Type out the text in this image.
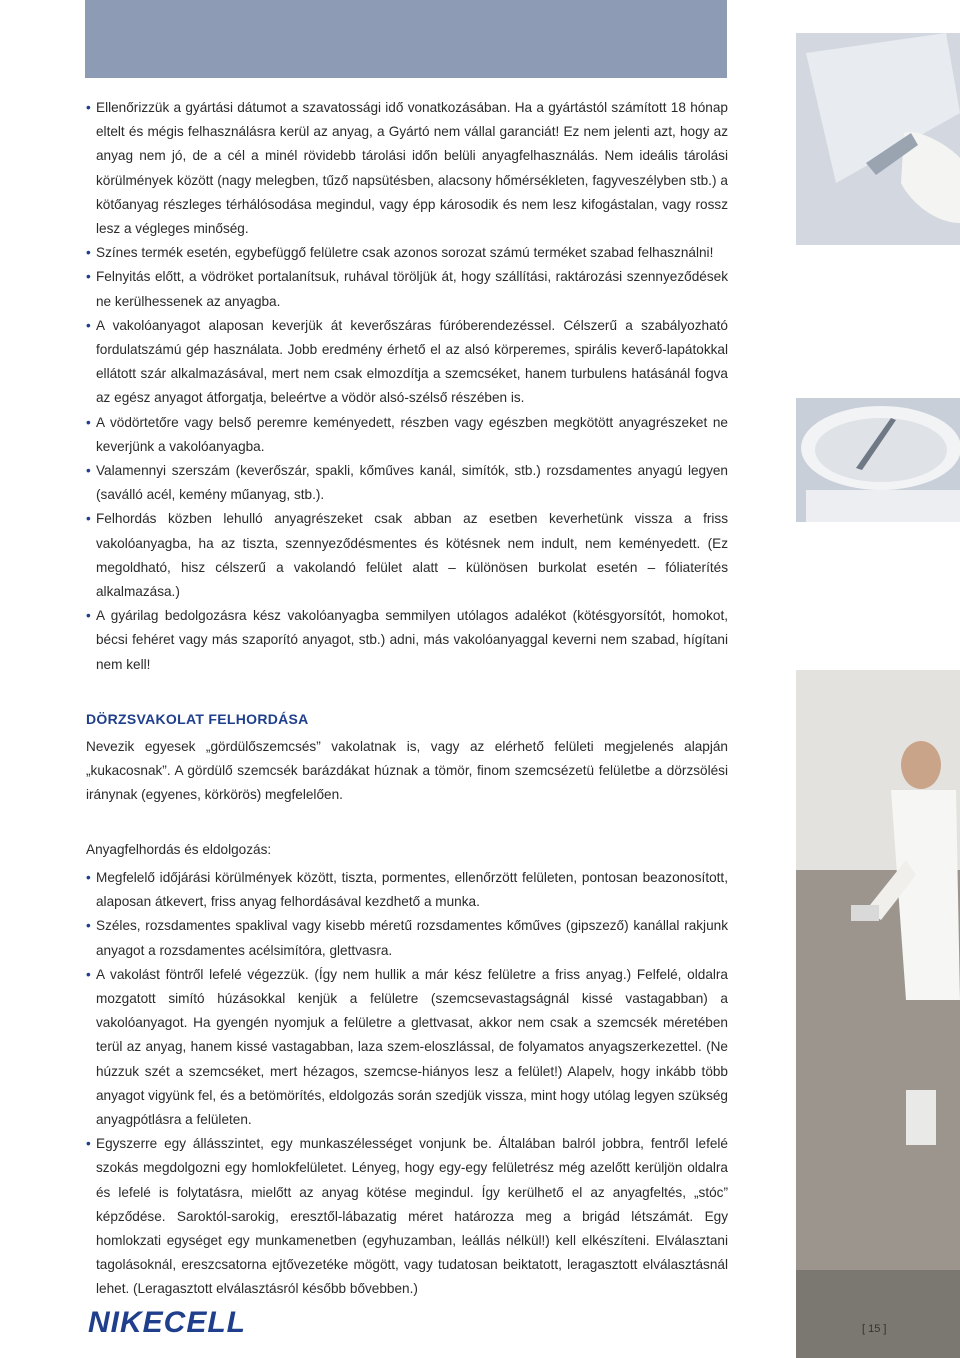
• Ellenőrizzük a gyártási dátumot a szavatossági idő vonatkozásában. Ha a gyártástól számított 18 hónap eltelt és mégis felhasználásra kerül az anyag, a Gyártó nem vállal garanciát! Ez nem jelenti azt, hogy az anyag nem jó, de a cél a minél rövidebb tárolási időn belüli anyagfelhasználás. Nem ideális tárolási körülmények között (nagy melegben, tűző napsütésben, alacsony hőmérsékleten, fagyveszélyben stb.) a kötőanyag részleges térhálósodása megindul, vagy épp károsodik és nem lesz kifogástalan, vagy rossz lesz a végleges minőség.
• Színes termék esetén, egybefüggő felületre csak azonos sorozat számú terméket szabad felhasználni!
• Felnyitás előtt, a vödröket portalanítsuk, ruhával töröljük át, hogy szállítási, raktározási szennyeződések ne kerülhessenek az anyagba.
• A vakolóanyagot alaposan keverjük át keverőszáras fúróberendezéssel. Célszerű a szabályozható fordulatszámú gép használata. Jobb eredmény érhető el az alsó körperemes, spirális keverő-lapátokkal ellátott szár alkalmazásával, mert nem csak elmozdítja a szemcséket, hanem turbulens hatásánál fogva az egész anyagot átforgatja, beleértve a vödör alsó-szélső részében is.
• A vödörtetőre vagy belső peremre keményedett, részben vagy egészben megkötött anyagrészeket ne keverjünk a vakolóanyagba.
• Valamennyi szerszám (keverőszár, spakli, kőműves kanál, simítók, stb.) rozsdamentes anyagú legyen (saválló acél, kemény műanyag, stb.).
• Felhordás közben lehulló anyagrészeket csak abban az esetben keverhetünk vissza a friss vakolóanyagba, ha az tiszta, szennyeződésmentes és kötésnek nem indult, nem keményedett. (Ez megoldható, hisz célszerű a vakolandó felület alatt – különösen burkolat esetén – fóliaterítés alkalmazása.)
• A gyárilag bedolgozásra kész vakolóanyagba semmilyen utólagos adalékot (kötésgyorsítót, homokot, bécsi fehéret vagy más szaporító anyagot, stb.) adni, más vakolóanyaggal keverni nem szabad, hígítani nem kell!
DÖRZSVAKOLAT FELHORDÁSA

Nevezik egyesek „gördülőszemcsés” vakolatnak is, vagy az elérhető felületi megjelenés alapján „kukacosnak”. A gördülő szemcsék barázdákat húznak a tömör, finom szemcsézetü felületbe a dörzsölési iránynak (egyenes, körkörös) megfelelően.

Anyagfelhordás és eldolgozás:

• Megfelelő időjárási körülmények között, tiszta, pormentes, ellenőrzött felületen, pontosan beazonosított, alaposan átkevert, friss anyag felhordásával kezdhető a munka.
• Széles, rozsdamentes spaklival vagy kisebb méretű rozsdamentes kőműves (gipszező) kanállal rakjunk anyagot a rozsdamentes acélsimítóra, glettvasra.
• A vakolást föntről lefelé végezzük. (Így nem hullik a már kész felületre a friss anyag.) Felfelé, oldalra mozgatott simító húzásokkal kenjük a felületre (szemcsevastagságnál kissé vastagabban) a vakolóanyagot. Ha gyengén nyomjuk a felületre a glettvasat, akkor nem csak a szemcsék méretében terül az anyag, hanem kissé vastagabban, laza szem-eloszlással, de folyamatos anyagszerkezettel. (Ne húzzuk szét a szemcséket, mert hézagos, szemcse-hiányos lesz a felület!) Alapelv, hogy inkább több anyagot vigyünk fel, és a betömörítés, eldolgozás során szedjük vissza, mint hogy utólag legyen szükség anyagpótlásra a felületen.
• Egyszerre egy állásszintet, egy munkaszélességet vonjunk be. Általában balról jobbra, fentről lefelé szokás megdolgozni egy homlokfelületet. Lényeg, hogy egy-egy felületrész még azelőtt kerüljön oldalra és lefelé is folytatásra, mielőtt az anyag kötése megindul. Így kerülhető el az anyagfeltés, „stóc” képződése. Saroktól-sarokig, eresztől-lábazatig méret határozza meg a brigád létszámát. Egy homlokzati egységet egy munkamenetben (egyhuzamban, leállás nélkül!) kell elkészíteni. Elválasztani tagolásoknál, ereszcsatorna ejtővezetéke mögött, vagy tudatosan beiktatott, leragasztott elválasztásnál lehet. (Leragasztott elválasztásról később bővebben.)
NIKECELL	[ 15 ]
